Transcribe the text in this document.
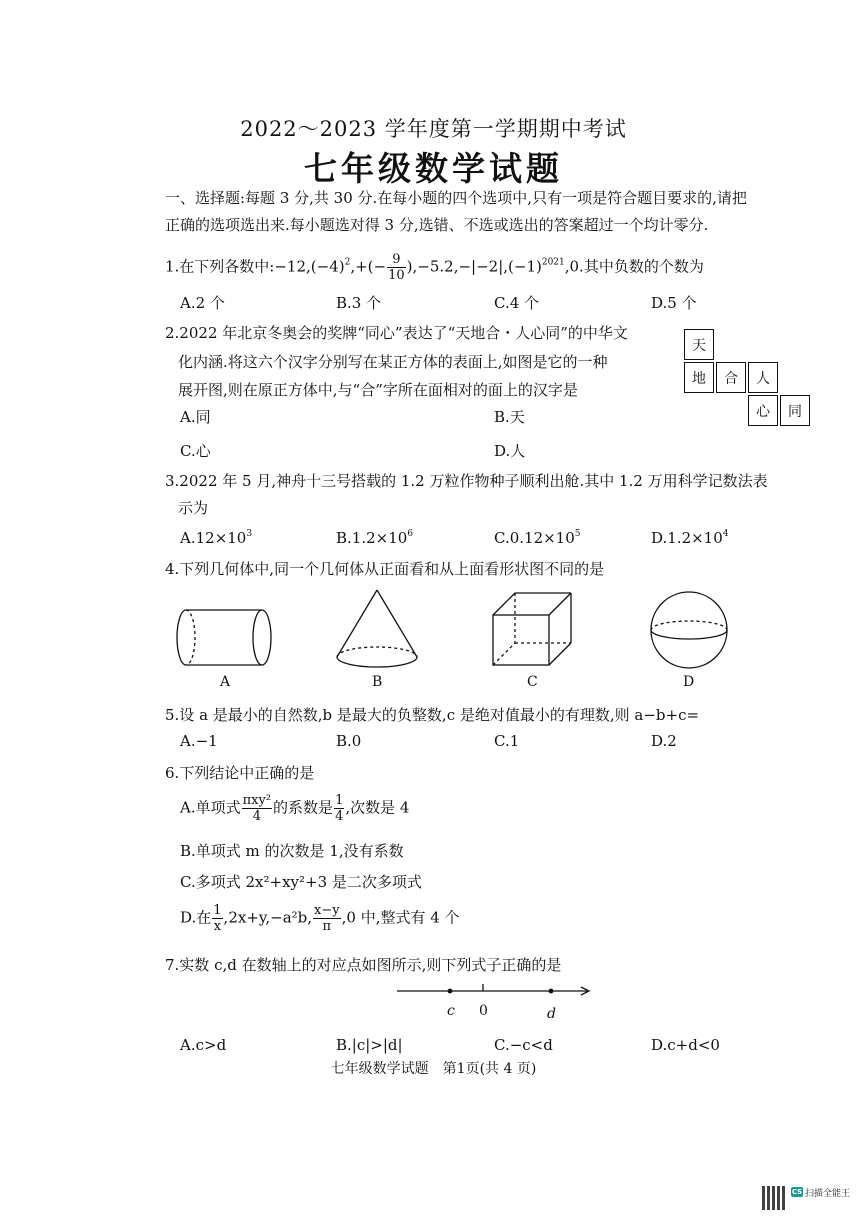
2022～2023 学年度第一学期期中考试
七年级数学试题
一、选择题:每题 3 分,共 30 分.在每小题的四个选项中,只有一项是符合题目要求的,请把
正确的选项选出来.每小题选对得 3 分,选错、不选或选出的答案超过一个均计零分.
1.在下列各数中$:-12,(-4)^2,+(- \frac{9}{10} ),-5.2,-|-2|,(-1)^{2021},0$.其中负数的个数为
A.2 个	B.3 个	C.4 个	D.5 个
2.2022 年北京冬奥会的奖牌“同心”表达了“天地合・人心同”的中华文
化内涵.将这六个汉字分别写在某正方体的表面上,如图是它的一种
展开图,则在原正方体中,与“合”字所在面相对的面上的汉字是
A.同	B.天
C.心	D.人
天
地	合	人
心	同
3.2022 年 5 月,神舟十三号搭载的 1.2 万粒作物种子顺利出舱.其中 1.2 万用科学记数法表
示为
$A.12\times 10^3$	$B.1.2\times 10^6$	$C.0.12\times 10^5$	$D.1.2\times 10^4$
4.下列几何体中,同一个几何体从正面看和从上面看形状图不同的是
A	B	C	D
5.设 a 是最小的自然数,b 是最大的负整数,c 是绝对值最小的有理数,则 a−b+c=
A.−1	B.0	C.1	D.2
6.下列结论中正确的是
A.单项式 $\frac{\text{πxy²}}{4}$ 的系数是 $\frac{1}{4}$ ,次数是 4
B.单项式 m 的次数是 1,没有系数
C.多项式 2x²+xy²+3 是二次多项式
D.在 $\frac{1}{x} ,2x+y,-a^2b$, $\frac{x-y}{\pi} ,0$ 中,整式有 4 个
7.实数 c,d 在数轴上的对应点如图所示,则下列式子正确的是
c 0	d
A.c>d	B.|c|>|d|	C.−c<d	D.c+d<0
七年级数学试题　第1页(共 4 页)
CS 扫描全能王
